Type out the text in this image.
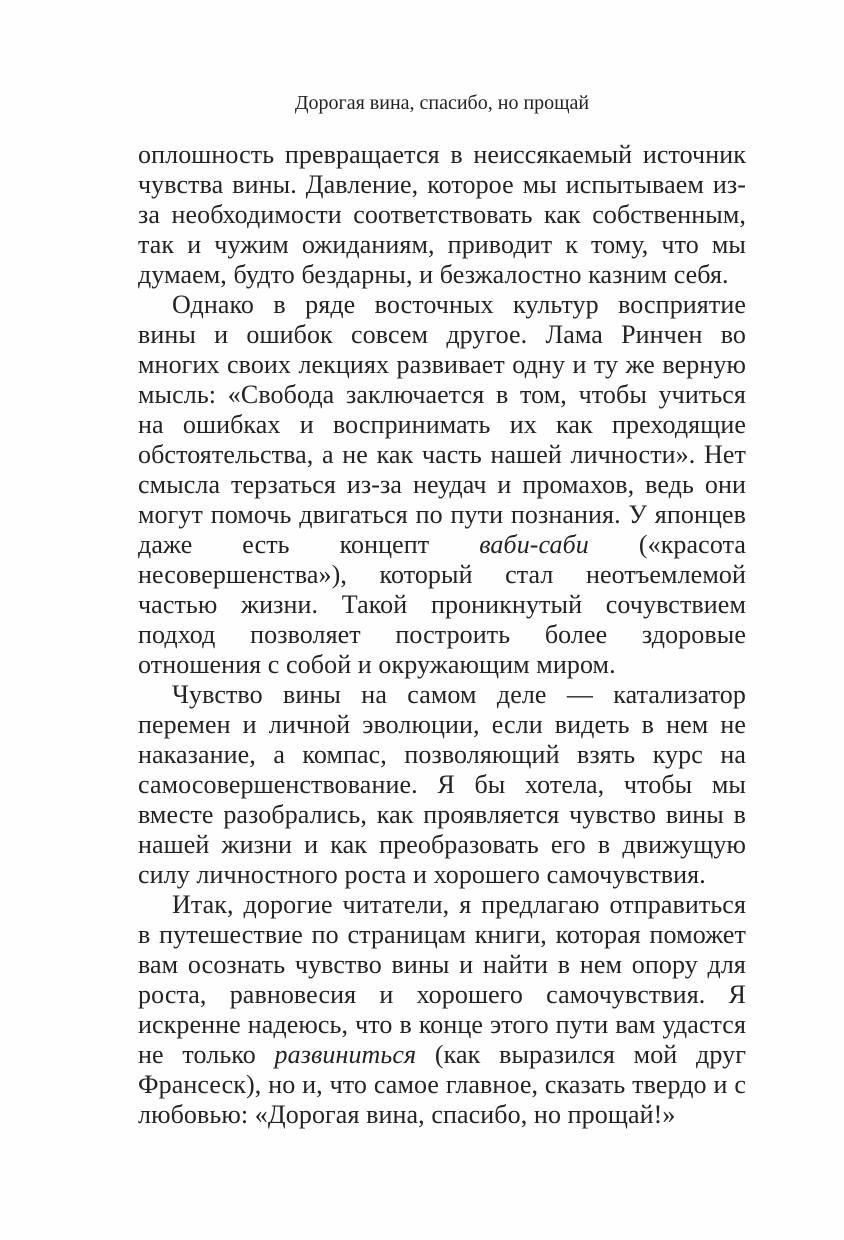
Дорогая вина, спасибо, но прощай

оплошность превращается в неиссякаемый источник чувства вины. Давление, которое мы испытываем из-за необходимости соответствовать как собственным, так и чужим ожиданиям, приводит к тому, что мы думаем, будто бездарны, и безжалостно казним себя.

Однако в ряде восточных культур восприятие вины и ошибок совсем другое. Лама Ринчен во многих своих лекциях развивает одну и ту же верную мысль: «Свобода заключается в том, чтобы учиться на ошибках и воспринимать их как преходящие обстоятельства, а не как часть нашей личности». Нет смысла терзаться из-за неудач и промахов, ведь они могут помочь двигаться по пути познания. У японцев даже есть концепт ваби-саби («красота несовершенства»), который стал неотъемлемой частью жизни. Такой проникнутый сочувствием подход позволяет построить более здоровые отношения с собой и окружающим миром.

Чувство вины на самом деле — катализатор перемен и личной эволюции, если видеть в нем не наказание, а компас, позволяющий взять курс на самосовершенствование. Я бы хотела, чтобы мы вместе разобрались, как проявляется чувство вины в нашей жизни и как преобразовать его в движущую силу личностного роста и хорошего самочувствия.

Итак, дорогие читатели, я предлагаю отправиться в путешествие по страницам книги, которая поможет вам осознать чувство вины и найти в нем опору для роста, равновесия и хорошего самочувствия. Я искренне надеюсь, что в конце этого пути вам удастся не только развиниться (как выразился мой друг Франсеск), но и, что самое главное, сказать твердо и с любовью: «Дорогая вина, спасибо, но прощай!»
